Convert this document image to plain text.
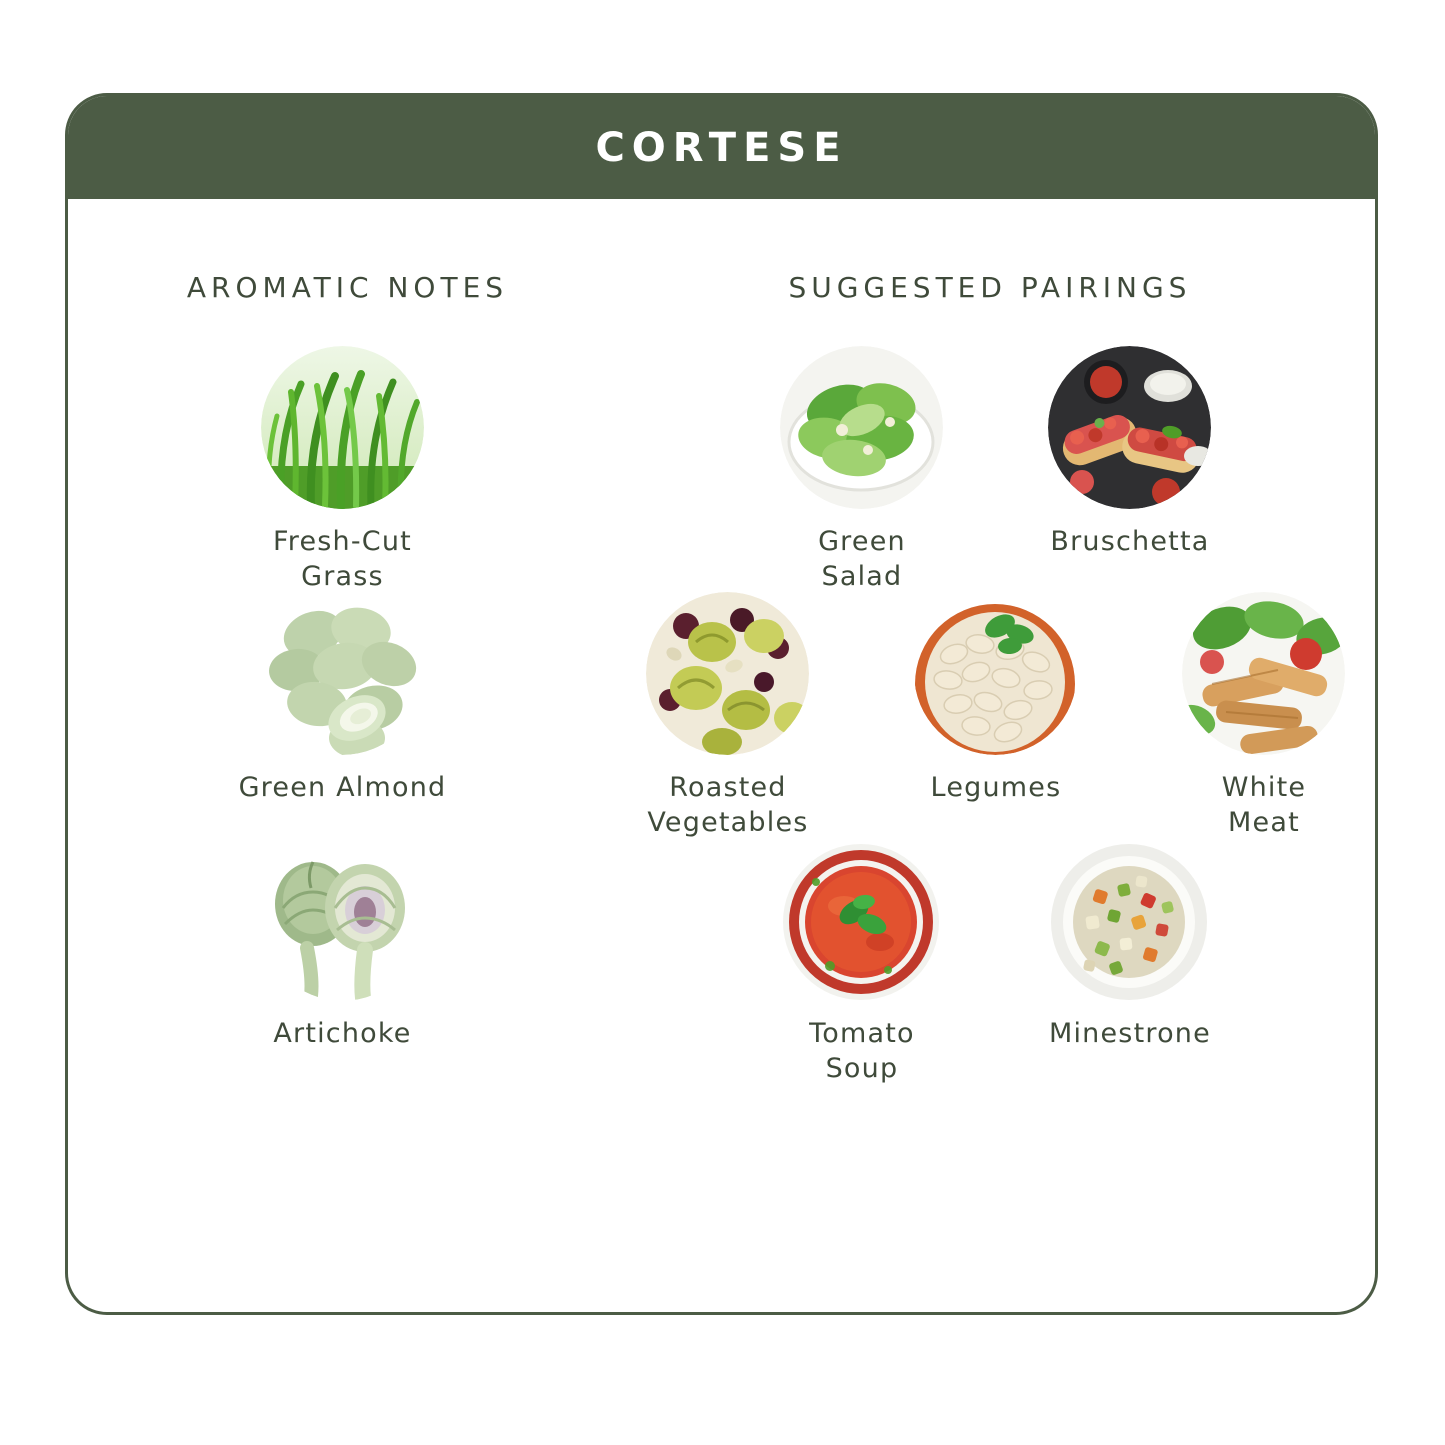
CORTESE
AROMATIC NOTES
Fresh-Cut
Grass
Green Almond
Artichoke
SUGGESTED PAIRINGS
Green
Salad
Bruschetta
Roasted
Vegetables
Legumes	White
Meat
Tomato
Soup
Minestrone
